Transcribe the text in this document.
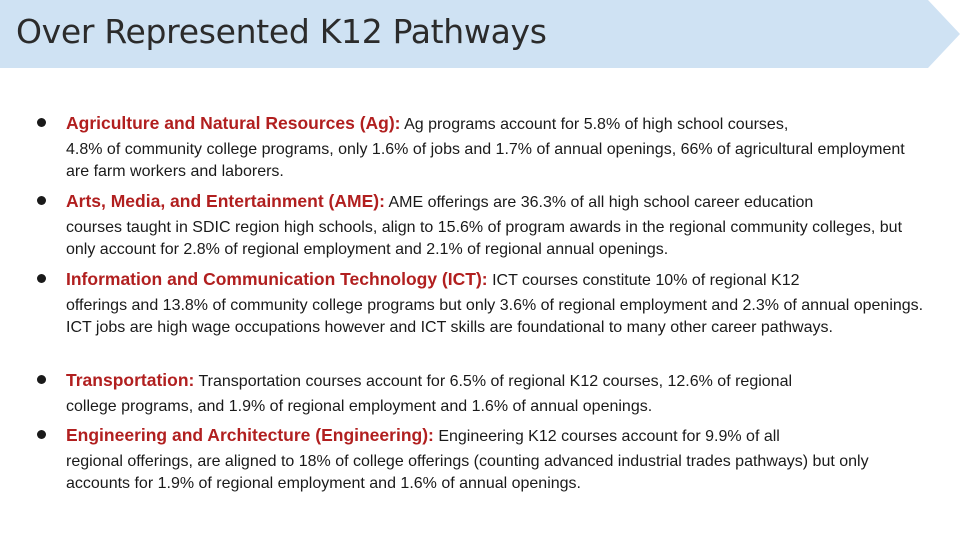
Over Represented K12 Pathways
Agriculture and Natural Resources (Ag): Ag programs account for 5.8% of high school courses,
4.8% of community college programs, only 1.6% of jobs and 1.7% of annual openings, 66% of agricultural employment are farm workers and laborers.
Arts, Media, and Entertainment (AME): AME offerings are 36.3% of all high school career education
courses taught in SDIC region high schools, align to 15.6% of program awards in the regional community colleges, but only account for 2.8% of regional employment and 2.1% of regional annual openings.
Information and Communication Technology (ICT): ICT courses constitute 10% of regional K12
offerings and 13.8% of community college programs but only 3.6% of regional employment and 2.3% of annual openings. ICT jobs are high wage occupations however and ICT skills are foundational to many other career pathways.
Transportation: Transportation courses account for 6.5% of regional K12 courses, 12.6% of regional
college programs, and 1.9% of regional employment and 1.6% of annual openings.
Engineering and Architecture (Engineering): Engineering K12 courses account for 9.9% of all
regional offerings, are aligned to 18% of college offerings (counting advanced industrial trades pathways) but only accounts for 1.9% of regional employment and 1.6% of annual openings.
